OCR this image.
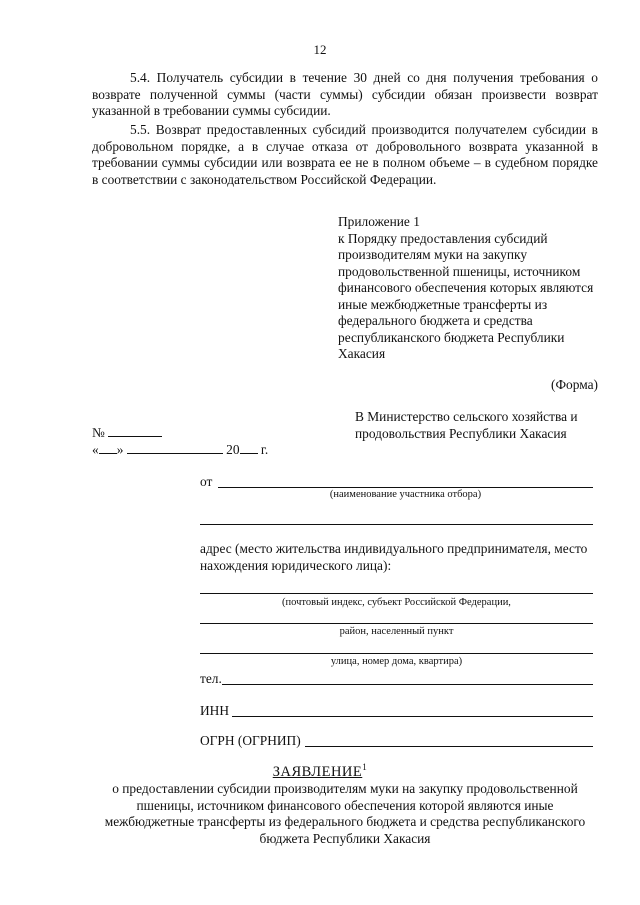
12

5.4. Получатель субсидии в течение 30 дней со дня получения требования о возврате полученной суммы (части суммы) субсидии обязан произвести возврат указанной в требовании суммы субсидии.

5.5. Возврат предоставленных субсидий производится получателем субсидии в добровольном порядке, а в случае отказа от добровольного возврата указанной в требовании суммы субсидии или возврата ее не в полном объеме – в судебном порядке в соответствии с законодательством Российской Федерации.

Приложение 1
к Порядку предоставления субсидий производителям муки на закупку продовольственной пшеницы, источником финансового обеспечения которых являются иные межбюджетные трансферты из федерального бюджета и средства республиканского бюджета Республики Хакасия
(Форма)
В Министерство сельского хозяйства и продовольствия Республики Хакасия
№
« »	20 г.
от
(наименование участника отбора)
адрес (место жительства индивидуального предпринимателя, место нахождения юридического лица):
(почтовый индекс, субъект Российской Федерации,
район, населенный пункт
улица, номер дома, квартира)
тел.
ИНН
ОГРН (ОГРНИП)
ЗАЯВЛЕНИЕ$^1$
о предоставлении субсидии производителям муки на закупку продовольственной пшеницы, источником финансового обеспечения которой являются иные межбюджетные трансферты из федерального бюджета и средства республиканского бюджета Республики Хакасия
